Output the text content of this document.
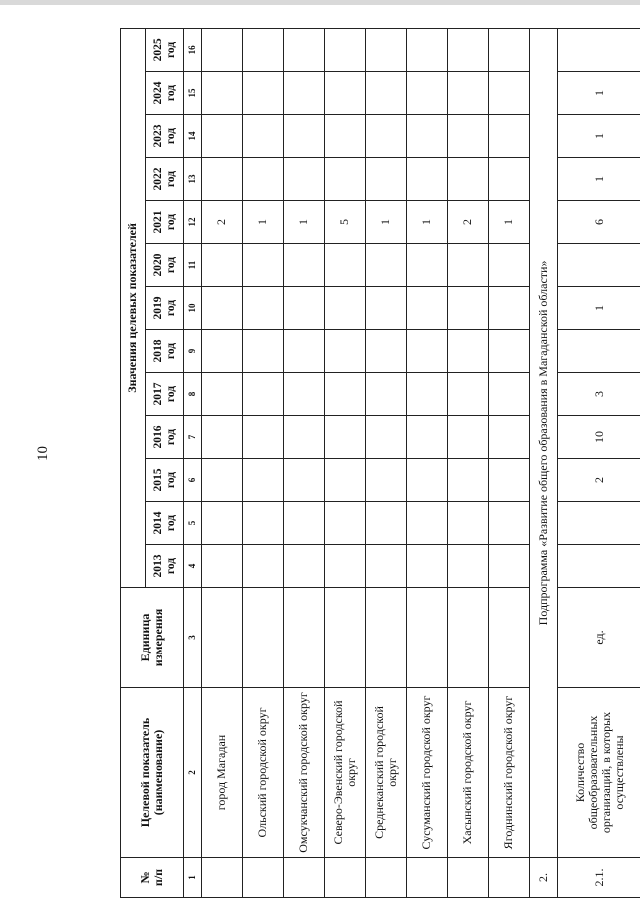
10
№
п/п	Целевой показатель (наименование)	Единица измерения	Значения целевых показателей												
			2013 год	2014 год	2015 год	2016 год	2017 год	2018 год	2019 год	2020 год	2021 год	2022 год	2023 год	2024 год	2025 год
1	2	3	4	5	6	7	8	9	10	11	12	13	14	15	16
	город Магадан										2				
	Ольский городской округ										1				
	Омсукчанский городской округ										1				
	Северо-Эвенский городской округ										5				
	Среднеканский городской округ										1				
	Сусуманский городской округ										1				
	Хасынский городской округ										2				
	Ягоднинский городской округ										1				
2.	Подпрограмма «Развитие общего образования в Магаданской области»														
2.1.	Количество общеобразовательных организаций, в которых осуществлены	ед.			2	10	3		1		6	1	1	1	
